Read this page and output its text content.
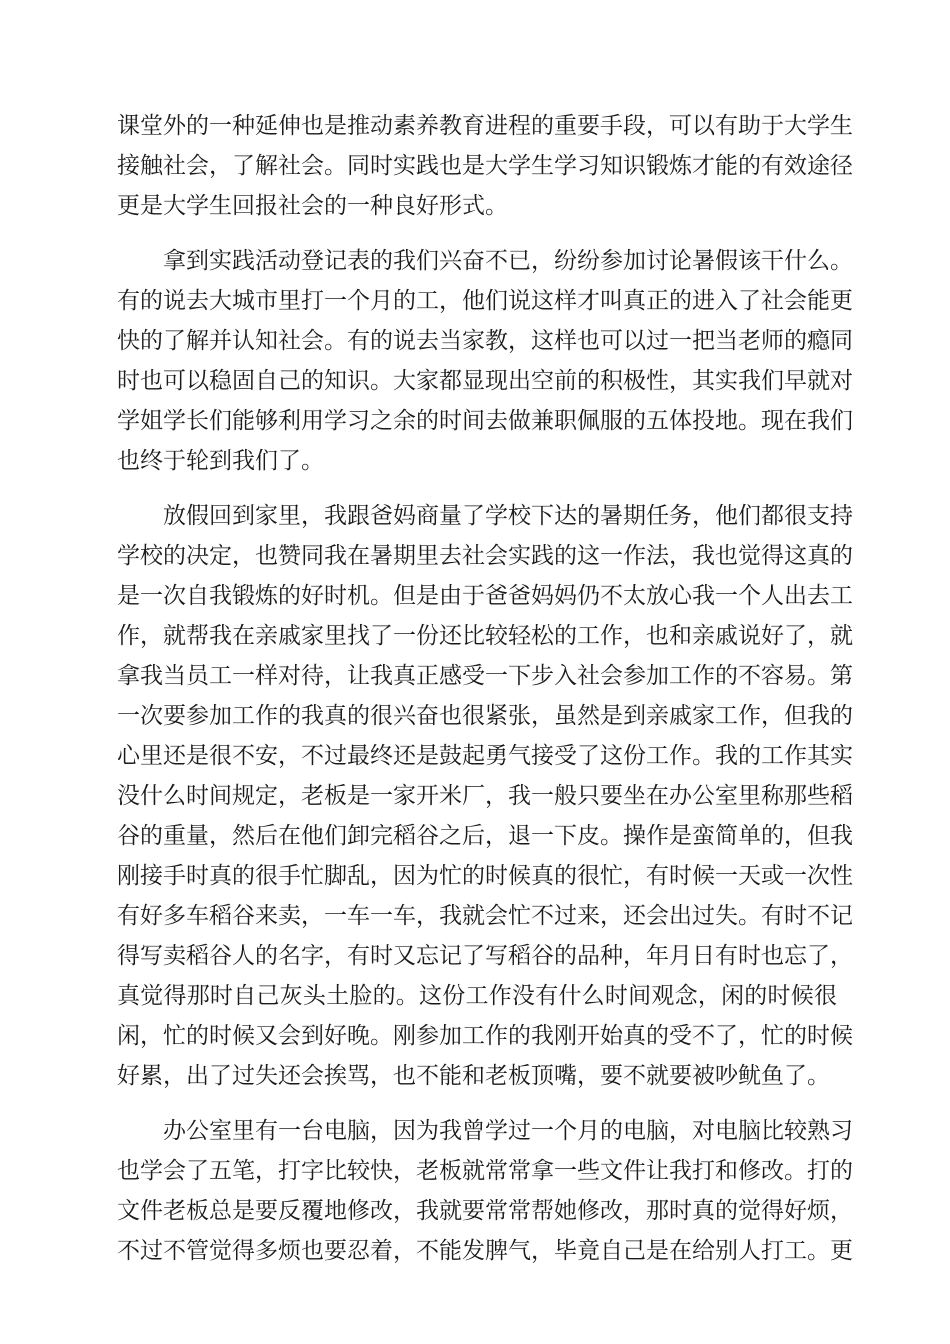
课堂外的一种延伸也是推动素养教育进程的重要手段，可以有助于大学生

接触社会，了解社会。同时实践也是大学生学习知识锻炼才能的有效途径

更是大学生回报社会的一种良好形式。

拿到实践活动登记表的我们兴奋不已，纷纷参加讨论暑假该干什么。

有的说去大城市里打一个月的工，他们说这样才叫真正的进入了社会能更

快的了解并认知社会。有的说去当家教，这样也可以过一把当老师的瘾同

时也可以稳固自己的知识。大家都显现出空前的积极性，其实我们早就对

学姐学长们能够利用学习之余的时间去做兼职佩服的五体投地。现在我们

也终于轮到我们了。

放假回到家里，我跟爸妈商量了学校下达的暑期任务，他们都很支持

学校的决定，也赞同我在暑期里去社会实践的这一作法，我也觉得这真的

是一次自我锻炼的好时机。但是由于爸爸妈妈仍不太放心我一个人出去工

作，就帮我在亲戚家里找了一份还比较轻松的工作，也和亲戚说好了，就

拿我当员工一样对待，让我真正感受一下步入社会参加工作的不容易。第

一次要参加工作的我真的很兴奋也很紧张，虽然是到亲戚家工作，但我的

心里还是很不安，不过最终还是鼓起勇气接受了这份工作。我的工作其实

没什么时间规定，老板是一家开米厂，我一般只要坐在办公室里称那些稻

谷的重量，然后在他们卸完稻谷之后，退一下皮。操作是蛮简单的，但我

刚接手时真的很手忙脚乱，因为忙的时候真的很忙，有时候一天或一次性

有好多车稻谷来卖，一车一车，我就会忙不过来，还会出过失。有时不记

得写卖稻谷人的名字，有时又忘记了写稻谷的品种，年月日有时也忘了，

真觉得那时自己灰头土脸的。这份工作没有什么时间观念，闲的时候很

闲，忙的时候又会到好晚。刚参加工作的我刚开始真的受不了，忙的时候

好累，出了过失还会挨骂，也不能和老板顶嘴，要不就要被吵鱿鱼了。

办公室里有一台电脑，因为我曾学过一个月的电脑，对电脑比较熟习

也学会了五笔，打字比较快，老板就常常拿一些文件让我打和修改。打的

文件老板总是要反覆地修改，我就要常常帮她修改，那时真的觉得好烦，

不过不管觉得多烦也要忍着，不能发脾气，毕竟自己是在给别人打工。更
